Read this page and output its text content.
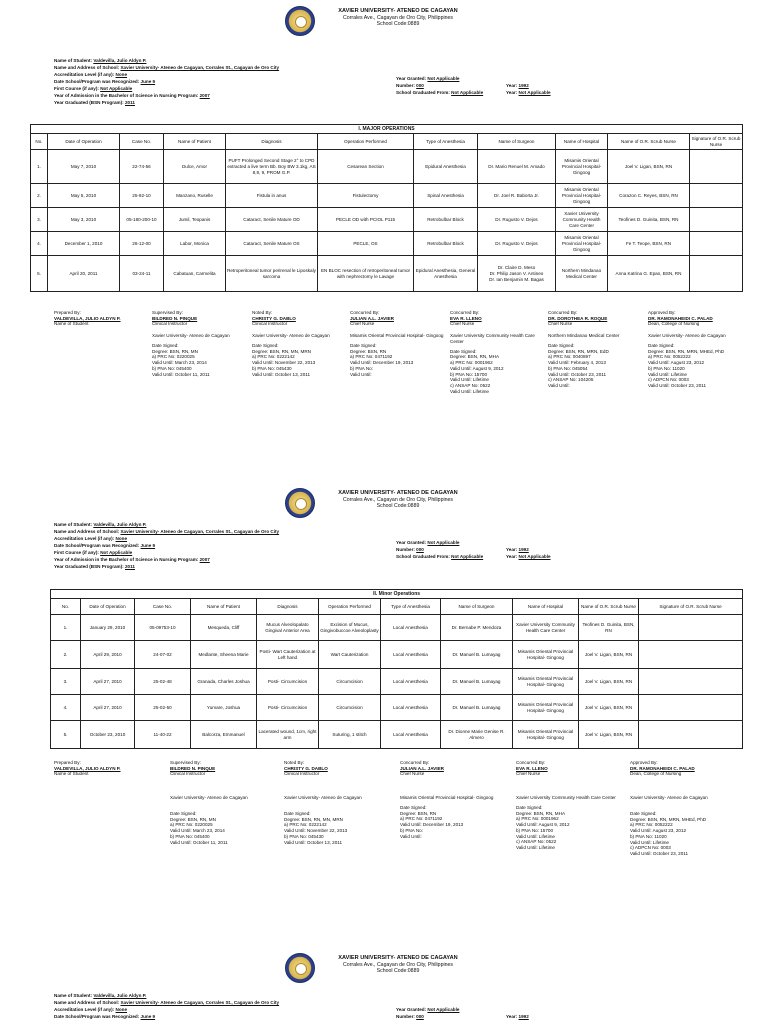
XAVIER UNIVERSITY- ATENEO DE CAGAYAN
Corrales Ave., Cagayan de Oro City, Philippines
School Code:0889
Name of Student: Valdevilla, Julio Aldyn P.
Name and Address of School: Xavier University- Ateneo de Cagayan, Corrales St., Cagayan de Oro City
Accreditation Level (if any): None
Date School/Program was Recognized: June 9
First Course (if any): Not Applicable
Year of Admission in the Bachelor of Science in Nursing Program: 2007
Year Graduated (BSN Program): 2011
Year Granted: Not Applicable
Number: 000	Year: 1992
School Graduated From: Not Applicable	Year: Not Applicable
I. MAJOR OPERATIONS										
No.	Date of Operation	Case No.	Name of Patient	Diagnosis	Operation Performed	Type of Anesthesia	Name of Surgeon	Name of Hospital	Name of O.R. Scrub Nurse	Signature of O.R. Scrub Nurse
1.	May 7, 2010	22-74-56	Dulce, Amor	PUFT Prolonged Second Stage 2° to CPD extracted a live term Bb. Boy BW 3.1kg, AS 8,9, 9, PROM G.P.	Cesarean Section	Epidural Anesthesia	Dr. Mario Renuel M. Amado	Misamis Oriental Provincial Hospital- Gingoog	Joel V. Ligan, BSN, RN	
2.	May 5, 2010	25-92-10	Manzano, Ruselle	Fistula in anus	Fistulectomy	Spinal Anesthesia	Dr. Joel R. Baborta Jr.	Misamis Oriental Provincial Hospital- Gingoog	Corazon C. Reyes, BSN, RN	
3.	May 3, 2010	05-180-200-10	Jumil, Teopanis	Cataract, Senile Mature OD	PECLE OD with PCIOL P115	Retrobulbar Block	Dr. Rugusto V. Dejos	Xavier University Community Health Care Center	Teofines D. Guinita, BSN, RN	
4.	December 1, 2010	26-12-00	Labor, Monica	Cataract, Senile Mature OS	PECLE, OS	Retrobulbar Block	Dr. Rugusto V. Dejos	Misamis Oriental Provincial Hospital- Gingoog	Fe T. Teope, BSN, RN	
5.	April 20, 2011	03-24-11	Cabatuan, Carmelita	Retroperitoneal tumor perirenal le Liposkaly sarcoma	EN BLOC resection of retroperitoneal tumor with nephrectomy le Lavage	Epidural Anesthesia, General Anesthesia	Dr. Claire D. Meso
Dr. Philip Jason V. Antineo
Dr. Ian Benjamin M. Bagas	Northern Mindanao Medical Center	Anna Katrina G. Epan, BSN, RN	
Prepared By:
VALDEVILLA, JULIO ALDYN P.
Name of Student
Supervised By:
BILDRED N. PINQUE
Clinical Instructor
Xavier University- Ateneo de Cagayan
Date Signed:
Degree: BSN, RN, MN
a) PRC No: 0220025
Valid Until: March 23, 2014
b) PNA No: 045400
Valid Until: October 11, 2011
Noted By:
CHRISTY G. DABLO
Clinical Instructor
Xavier University- Ateneo de Cagayan
Date Signed:
Degree: BSN, RN, MN, MRN
a) PRC No: 0222142
Valid Until: November 22, 2013
b) PNA No: 045430
Valid Until: October 13, 2011
Concurred By:
JULIAN A.L. JAVIER
Chief Nurse
Misamis Oriental Provincial Hospital- Gingoog
Date Signed:
Degree: BSN, RN
a) PRC No: 0471192
Valid Until: December 19, 2013
b) PNA No:
Valid Until:
Concurred By:
EVA R. LLENO
Chief Nurse
Xavier University Community Health Care Center
Date Signed:
Degree: BSN, RN, MHA
a) PRC No: 0001962
Valid Until: August 9, 2012
b) PNA No: 15700
Valid Until: Lifetime
c) ANSAP No: 0522
Valid Until: Lifetime
Concurred By:
DR. DOROTHEA R. ROQUE
Chief Nurse
Northern Mindanao Medical Center
Date Signed:
Degree: BSN, RN, MRN, EdD
a) PRC No: 0040897
Valid Until: February 4, 2013
b) PNA No: 045054
Valid Until: October 23, 2011
c) ANSAP No: 104205
Valid Until:
Approved By:
DR. RAMONAHEIDI C. PALAD
Dean, College of Nursing
Xavier University- Ateneo de Cagayan
Date Signed:
Degree: BSN, RN, MRN, MHEd, PhD
a) PRC No: 0052222
Valid Until: August 23, 2012
b) PNA No: 11020
Valid Until: Lifetime
c) ADPCN No: 0003
Valid Until: October 23, 2011
XAVIER UNIVERSITY- ATENEO DE CAGAYAN
Corrales Ave., Cagayan de Oro City, Philippines
School Code:0889
Name of Student: Valdevilla, Julio Aldyn P.
Name and Address of School: Xavier University- Ateneo de Cagayan, Corrales St., Cagayan de Oro City
Accreditation Level (if any): None
Date School/Program was Recognized: June 9
First Course (if any): Not Applicable
Year of Admission in the Bachelor of Science in Nursing Program: 2007
Year Graduated (BSN Program): 2011
Year Granted: Not Applicable
Number: 000	Year: 1992
School Graduated From: Not Applicable	Year: Not Applicable
II. Minor Operations										
No.	Date of Operation	Case No.	Name of Patient	Diagnosis	Operation Performed	Type of Anesthesia	Name of Surgeon	Name of Hospital	Name of O.R. Scrub Nurse	Signature of O.R. Scrub Nurse
1.	January 29, 2010	05-09753-10	Mesqueda, Cliff	Mucus Alveolopalato Gingival Anterior Area	Excision of Mucus, Gingivobuccoe Alveoloplasty	Local Anesthesia	Dr. Bernabe P. Mendoza	Xavier University Community Health Care Center	Teofines D. Guinita, BSN, RN	
2.	April 29, 2010	24-07-02	Medlante, Sheena Marie	Posti- Wart Cauterization at Left hand	Wart Cauterization	Local Anesthesia	Dr. Manuel B. Lumayag	Misamis Oriental Provincial Hospital- Gingoog	Joel V. Ligan, BSN, RN	
3.	April 27, 2010	25-02-48	Granada, Charles Joshua	Posti- Circumcision	Circumcision	Local Anesthesia	Dr. Manuel B. Lumayag	Misamis Oriental Provincial Hospital- Gingoog	Joel V. Ligan, BSN, RN	
4.	April 27, 2010	25-02-50	Yumare, Joshua	Posti- Circumcision	Circumcision	Local Anesthesia	Dr. Manuel B. Lumayag	Misamis Oriental Provincial Hospital- Gingoog	Joel V. Ligan, BSN, RN	
5.	October 23, 2010	11-40-22	Balcorza, Emmanuel	Lacerated wound, 1cm, right arm	Suturing, 1 stitch	Local Anesthesia	Dr. Dionne Marie Genise R. Almero	Misamis Oriental Provincial Hospital- Gingoog	Joel V. Ligan, BSN, RN	
Prepared By:
VALDEVILLA, JULIO ALDYN P.
Name of Student
Supervised By:
BILDRED N. PINQUE
Clinical Instructor
Xavier University- Ateneo de Cagayan
Date Signed:
Degree: BSN, RN, MN
a) PRC No: 0220025
Valid Until: March 23, 2014
b) PNA No: 045400
Valid Until: October 11, 2011
Noted By:
CHRISTY G. DABLO
Clinical Instructor
Xavier University- Ateneo de Cagayan
Date Signed:
Degree: BSN, RN, MN, MRN
a) PRC No: 0222142
Valid Until: November 22, 2013
b) PNA No: 045430
Valid Until: October 13, 2011
Concurred By:
JULIAN A.L. JAVIER
Chief Nurse
Misamis Oriental Provincial Hospital- Gingoog
Date Signed:
Degree: BSN, RN
a) PRC No: 0471192
Valid Until: December 19, 2013
b) PNA No:
Valid Until:
Concurred By:
EVA R. LLENO
Chief Nurse
Xavier University Community Health Care Center
Date Signed:
Degree: BSN, RN, MHA
a) PRC No: 0001962
Valid Until: August 9, 2012
b) PNA No: 15700
Valid Until: Lifetime
c) ANSAP No: 0522
Valid Until: Lifetime
Approved By:
DR. RAMONAHEIDI C. PALAD
Dean, College of Nursing
Xavier University- Ateneo de Cagayan
Date Signed:
Degree: BSN, RN, MRN, MHEd, PhD
a) PRC No: 0052222
Valid Until: August 23, 2012
b) PNA No: 11020
Valid Until: Lifetime
c) ADPCN No: 0003
Valid Until: October 23, 2011
XAVIER UNIVERSITY- ATENEO DE CAGAYAN
Corrales Ave., Cagayan de Oro City, Philippines
School Code:0889
Name of Student: Valdevilla, Julio Aldyn P.
Name and Address of School: Xavier University- Ateneo de Cagayan, Corrales St., Cagayan de Oro City
Accreditation Level (if any): None
Date School/Program was Recognized: June 9
Year Granted: Not Applicable
Number: 000	Year: 1992
